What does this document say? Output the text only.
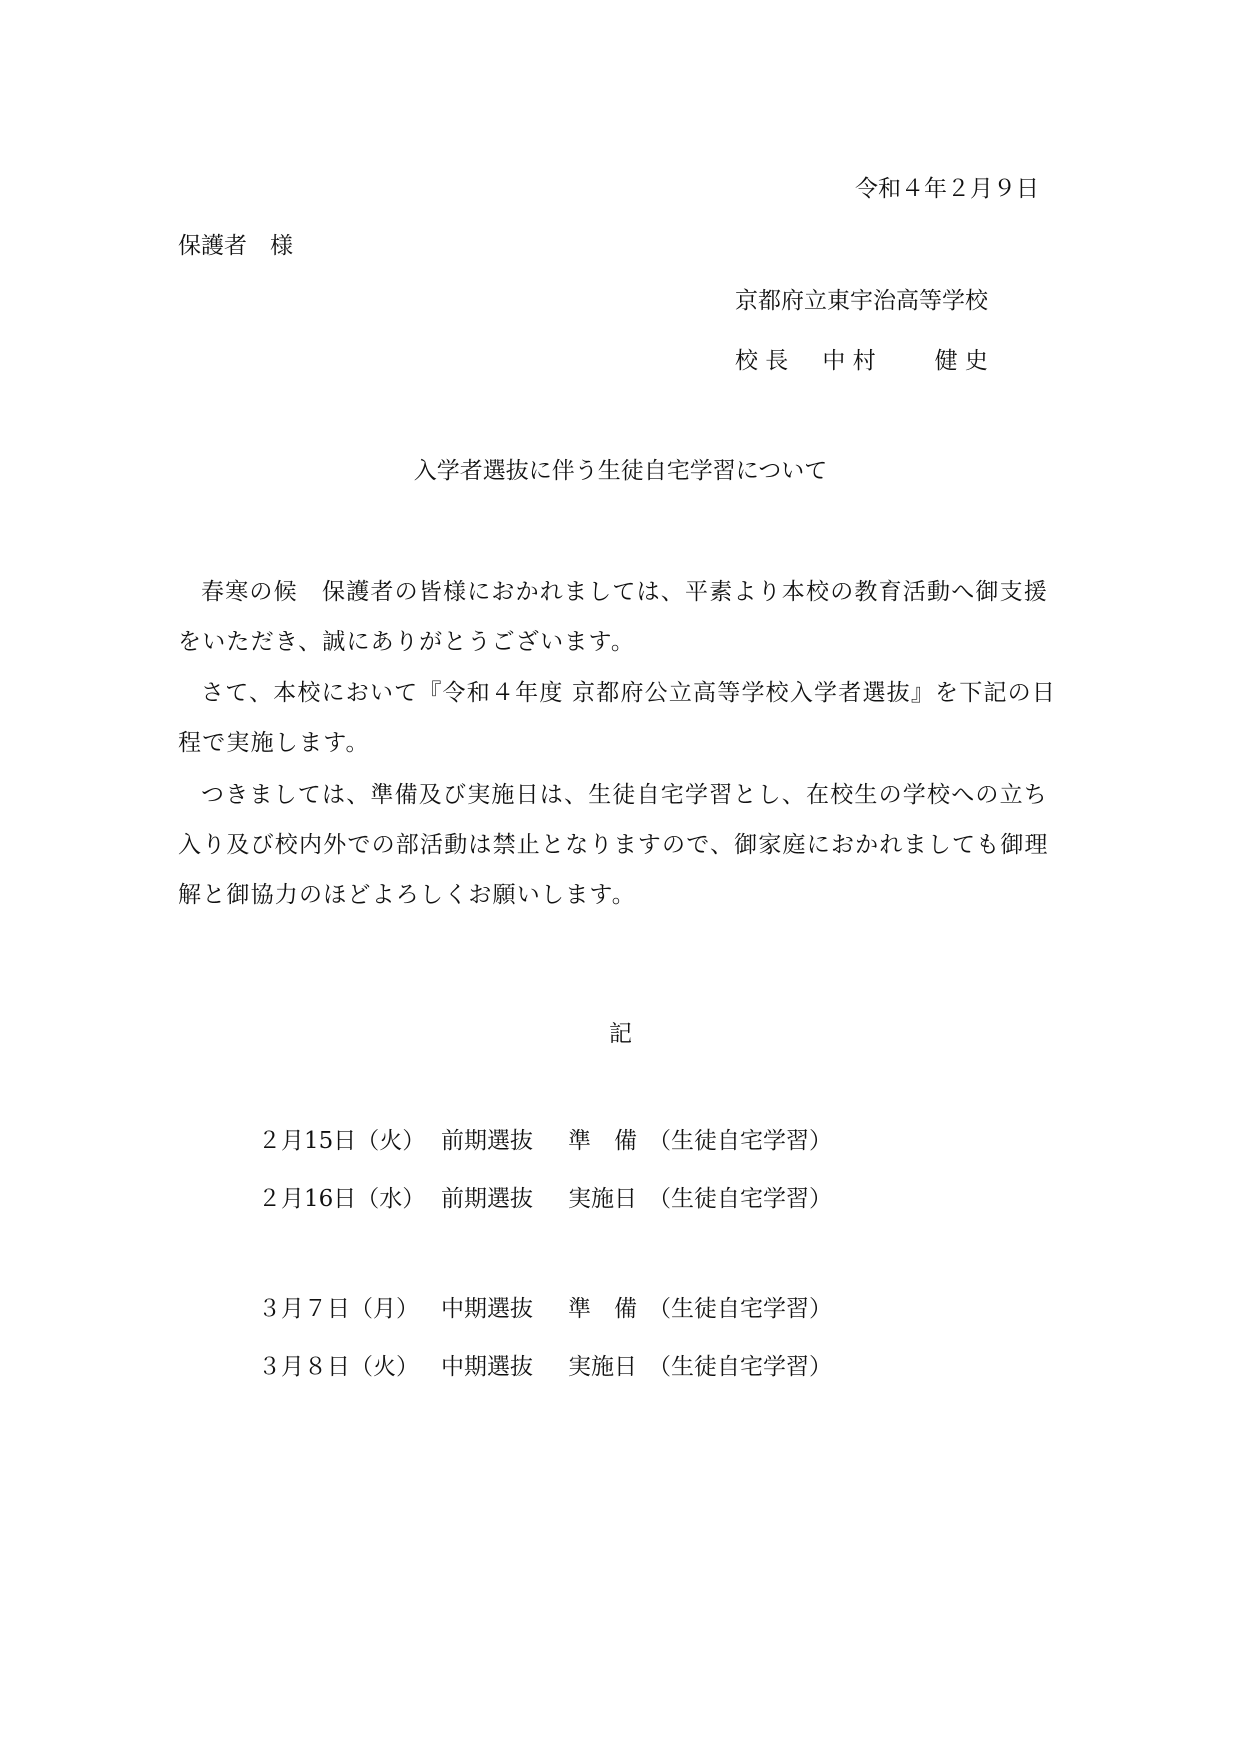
令和４年２月９日
保護者　様
京都府立東宇治高等学校
校 長 中 村	健 史
入学者選抜に伴う生徒自宅学習について
春寒の候　保護者の皆様におかれましては、平素より本校の教育活動へ御支援をいただき、誠にありがとうございます。
さて、本校において『令和４年度 京都府公立高等学校入学者選抜』を下記の日程で実施します。
つきましては、準備及び実施日は、生徒自宅学習とし、在校生の学校への立ち入り及び校内外での部活動は禁止となりますので、御家庭におかれましても御理解と御協力のほどよろしくお願いします。
記
２月15日（火） 前期選抜	準　備 （生徒自宅学習）
２月16日（水） 前期選抜	実施日 （生徒自宅学習）
３月７日（月） 中期選抜	準　備 （生徒自宅学習）
３月８日（火） 中期選抜	実施日 （生徒自宅学習）
